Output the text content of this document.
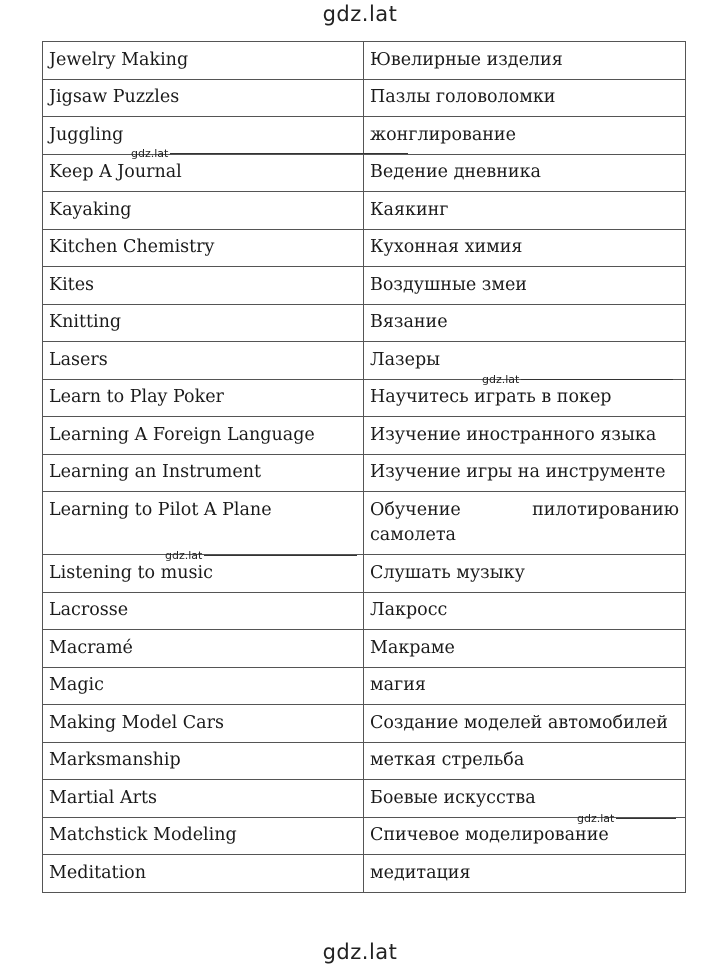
gdz.lat
Jewelry Making	Ювелирные изделия
Jigsaw Puzzles	Пазлы головоломки
Juggling	жонглирование
Keep A Journal	Ведение дневника
Kayaking	Каякинг
Kitchen Chemistry	Кухонная химия
Kites	Воздушные змеи
Knitting	Вязание
Lasers	Лазеры
Learn to Play Poker	Научитесь играть в покер
Learning A Foreign Language	Изучение иностранного языка
Learning an Instrument	Изучение игры на инструменте
Learning to Pilot A Plane	Обучение пилотированию самолета
Listening to music	Слушать музыку
Lacrosse	Лакросс
Macramé	Макраме
Magic	магия
Making Model Cars	Создание моделей автомобилей
Marksmanship	меткая стрельба
Martial Arts	Боевые искусства
Matchstick Modeling	Спичевое моделирование
Meditation	медитация
gdz.lat
gdz.lat
gdz.lat
gdz.lat
gdz.lat
